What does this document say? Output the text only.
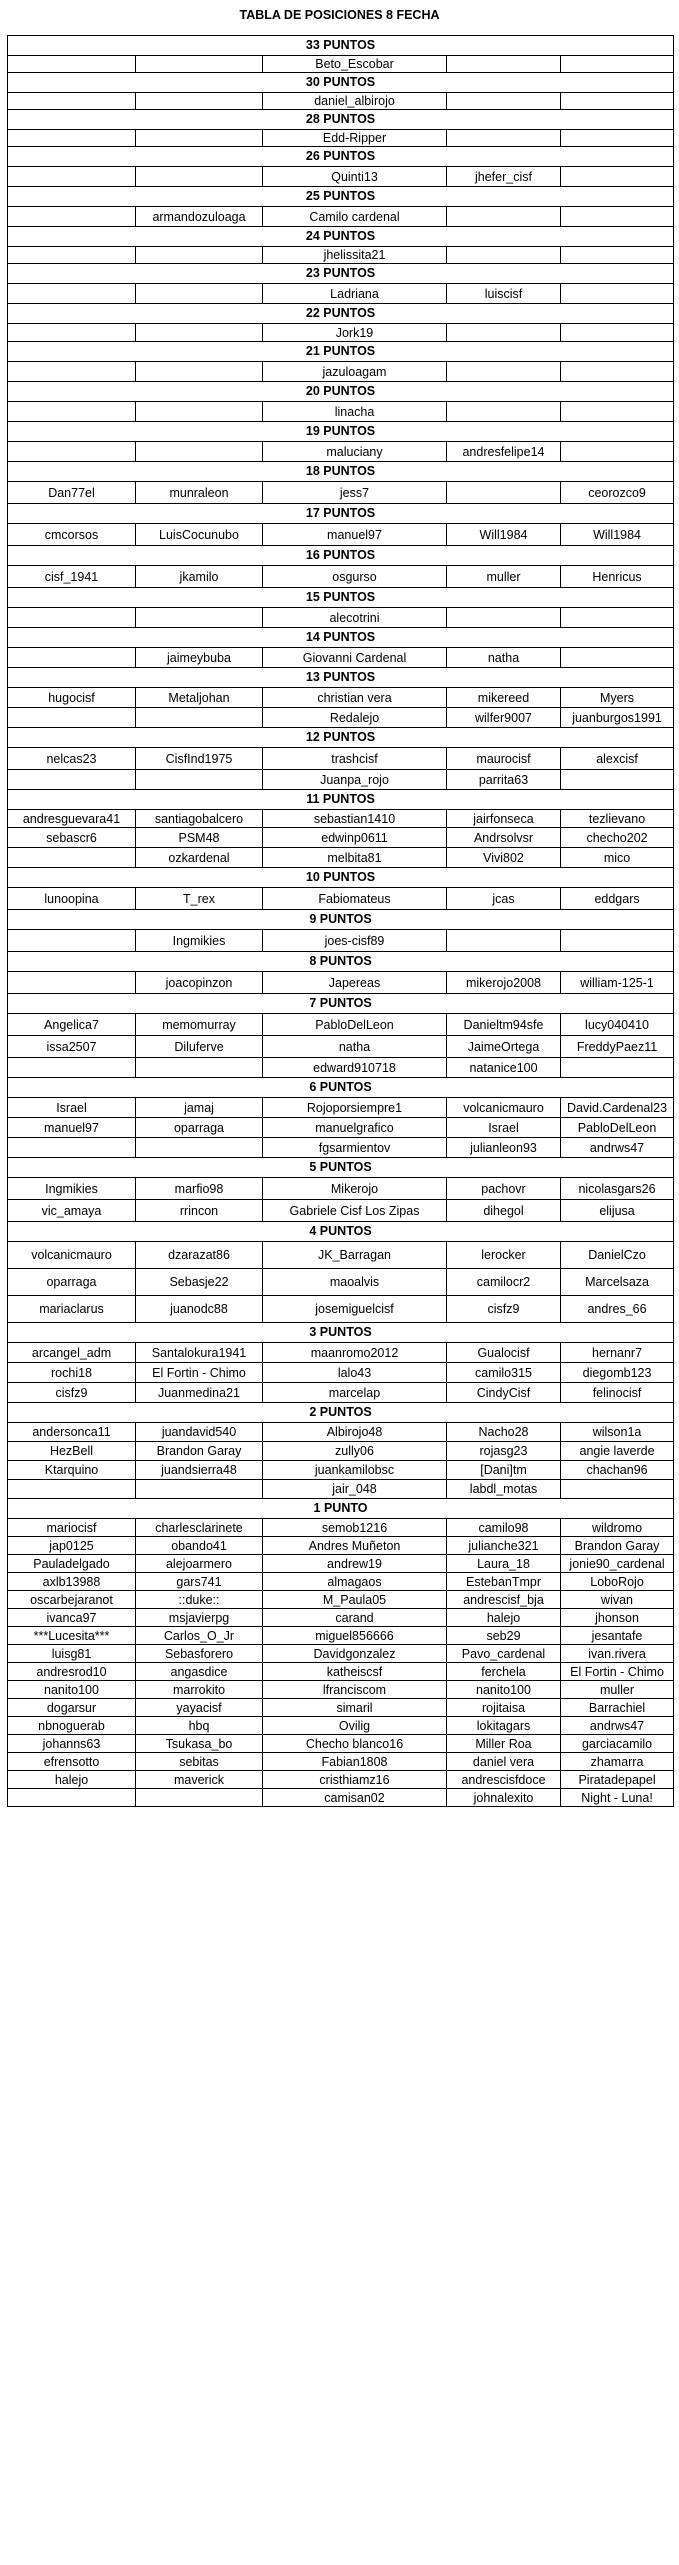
TABLA DE POSICIONES 8 FECHA
33 PUNTOS				
		Beto_Escobar		
30 PUNTOS				
		daniel_albirojo		
28 PUNTOS				
		Edd-Ripper		
26 PUNTOS				
		Quinti13	jhefer_cisf	
25 PUNTOS				
	armandozuloaga	Camilo cardenal		
24 PUNTOS				
		jhelissita21		
23 PUNTOS				
		Ladriana	luiscisf	
22 PUNTOS				
		Jork19		
21 PUNTOS				
		jazuloagam		
20 PUNTOS				
		linacha		
19 PUNTOS				
		maluciany	andresfelipe14	
18 PUNTOS				
Dan77el	munraleon	jess7		ceorozco9
17 PUNTOS				
cmcorsos	LuisCocunubo	manuel97	Will1984	Will1984
16 PUNTOS				
cisf_1941	jkamilo	osgurso	muller	Henricus
15 PUNTOS				
		alecotrini		
14 PUNTOS				
	jaimeybuba	Giovanni Cardenal	natha	
13 PUNTOS				
hugocisf	Metaljohan	christian vera	mikereed	Myers
		Redalejo	wilfer9007	juanburgos1991
12 PUNTOS				
nelcas23	CisfInd1975	trashcisf	maurocisf	alexcisf
		Juanpa_rojo	parrita63	
11 PUNTOS				
andresguevara41	santiagobalcero	sebastian1410	jairfonseca	tezlievano
sebascr6	PSM48	edwinp0611	Andrsolvsr	checho202
	ozkardenal	melbita81	Vivi802	mico
10 PUNTOS				
lunoopina	T_rex	Fabiomateus	jcas	eddgars
9 PUNTOS				
	Ingmikies	joes-cisf89		
8 PUNTOS				
	joacopinzon	Japereas	mikerojo2008	william-125-1
7 PUNTOS				
Angelica7	memomurray	PabloDelLeon	Danieltm94sfe	lucy040410
issa2507	Diluferve	natha	JaimeOrtega	FreddyPaez11
		edward910718	natanice100	
6 PUNTOS				
Israel	jamaj	Rojoporsiempre1	volcanicmauro	David.Cardenal23
manuel97	oparraga	manuelgrafico	Israel	PabloDelLeon
		fgsarmientov	julianleon93	andrws47
5 PUNTOS				
Ingmikies	marfio98	Mikerojo	pachovr	nicolasgars26
vic_amaya	rrincon	Gabriele Cisf Los Zipas	dihegol	elijusa
4 PUNTOS				
volcanicmauro	dzarazat86	JK_Barragan	lerocker	DanielCzo
oparraga	Sebasje22	maoalvis	camilocr2	Marcelsaza
mariaclarus	juanodc88	josemiguelcisf	cisfz9	andres_66
3 PUNTOS				
arcangel_adm	Santalokura1941	maanromo2012	Gualocisf	hernanr7
rochi18	El Fortin - Chimo	lalo43	camilo315	diegomb123
cisfz9	Juanmedina21	marcelap	CindyCisf	felinocisf
2 PUNTOS				
andersonca11	juandavid540	Albirojo48	Nacho28	wilson1a
HezBell	Brandon Garay	zully06	rojasg23	angie laverde
Ktarquino	juandsierra48	juankamilobsc	[Dani]tm	chachan96
		jair_048	labdl_motas	
1 PUNTO				
mariocisf	charlesclarinete	semob1216	camilo98	wildromo
jap0125	obando41	Andres Muñeton	julianche321	Brandon Garay
Pauladelgado	alejoarmero	andrew19	Laura_18	jonie90_cardenal
axlb13988	gars741	almagaos	EstebanTmpr	LoboRojo
oscarbejaranot	::duke::	M_Paula05	andrescisf_bja	wivan
ivanca97	msjavierpg	carand	halejo	jhonson
***Lucesita***	Carlos_O_Jr	miguel856666	seb29	jesantafe
luisg81	Sebasforero	Davidgonzalez	Pavo_cardenal	ivan.rivera
andresrod10	angasdice	katheiscsf	ferchela	El Fortin - Chimo
nanito100	marrokito	lfranciscom	nanito100	muller
dogarsur	yayacisf	simaril	rojitaisa	Barrachiel
nbnoguerab	hbq	Ovilig	lokitagars	andrws47
johanns63	Tsukasa_bo	Checho blanco16	Miller Roa	garciacamilo
efrensotto	sebitas	Fabian1808	daniel vera	zhamarra
halejo	maverick	cristhiamz16	andrescisfdoce	Piratadepapel
		camisan02	johnalexito	Night - Luna!
